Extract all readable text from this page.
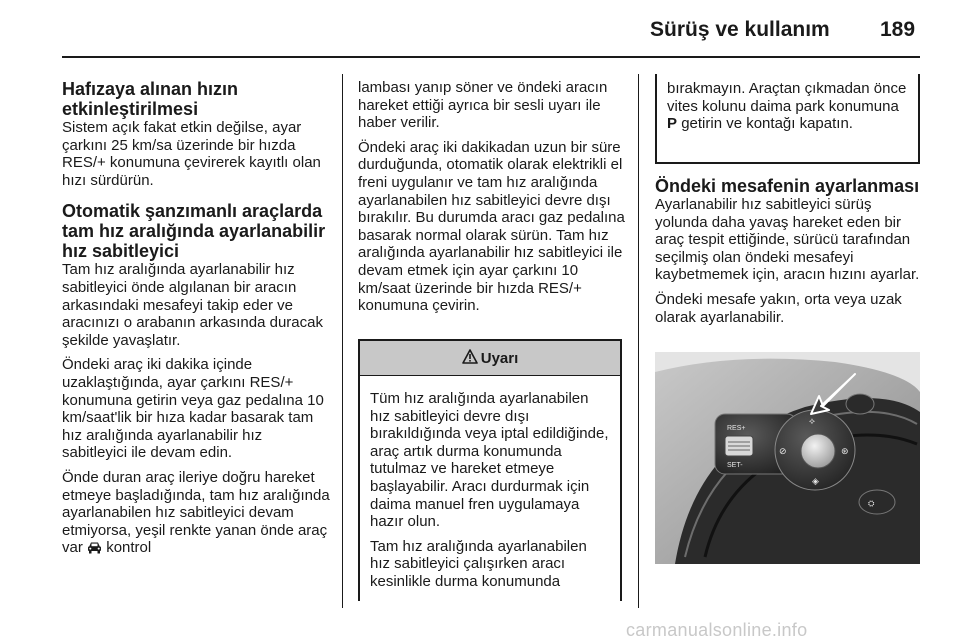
Sürüş ve kullanım 189
Hafızaya alınan hızın etkinleştirilmesi

Sistem açık fakat etkin değilse, ayar çarkını 25 km/sa üzerinde bir hızda RES/+ konumuna çevirerek kayıtlı olan hızı sürdürün.

Otomatik şanzımanlı araçlarda tam hız aralığında ayarlanabilir hız sabitleyici

Tam hız aralığında ayarlanabilir hız sabitleyici önde algılanan bir aracın arkasındaki mesafeyi takip eder ve aracınızı o arabanın arkasında duracak şekilde yavaşlatır.

Öndeki araç iki dakika içinde uzaklaştığında, ayar çarkını RES/+ konumuna getirin veya gaz pedalına 10 km/saat'lik bir hıza kadar basarak tam hız aralığında ayarlanabilir hız sabitleyici ile devam edin.

Önde duran araç ileriye doğru hareket etmeye başladığında, tam hız aralığında ayarlanabilen hız sabitleyici devam etmiyorsa, yeşil renkte yanan önde araç var kontrol

lambası yanıp söner ve öndeki aracın hareket ettiği ayrıca bir sesli uyarı ile haber verilir.

Öndeki araç iki dakikadan uzun bir süre durduğunda, otomatik olarak elektrikli el freni uygulanır ve tam hız aralığında ayarlanabilen hız sabitleyici devre dışı bırakılır. Bu durumda aracı gaz pedalına basarak normal olarak sürün. Tam hız aralığında ayarlanabilir hız sabitleyici ile devam etmek için ayar çarkını 10 km/saat üzerinde bir hızda RES/+ konumuna çevirin.

Uyarı

Tüm hız aralığında ayarlanabilen hız sabitleyici devre dışı bırakıldığında veya iptal edildiğinde, araç artık durma konumunda tutulmaz ve hareket etmeye başlayabilir. Aracı durdurmak için daima manuel fren uygulamaya hazır olun.

Tam hız aralığında ayarlanabilen hız sabitleyici çalışırken aracı kesinlikle durma konumunda

bırakmayın. Araçtan çıkmadan önce vites kolunu daima park konumuna P getirin ve kontağı kapatın.
Öndeki mesafenin ayarlanması

Ayarlanabilir hız sabitleyici sürüş yolunda daha yavaş hareket eden bir araç tespit ettiğinde, sürücü tarafından seçilmiş olan öndeki mesafeyi kaybetmemek için, aracın hızını ayarlar.

Öndeki mesafe yakın, orta veya uzak olarak ayarlanabilir.

RES+
SET-
⟡
⊘	⊛
◈
⛭
carmanualsonline.info
